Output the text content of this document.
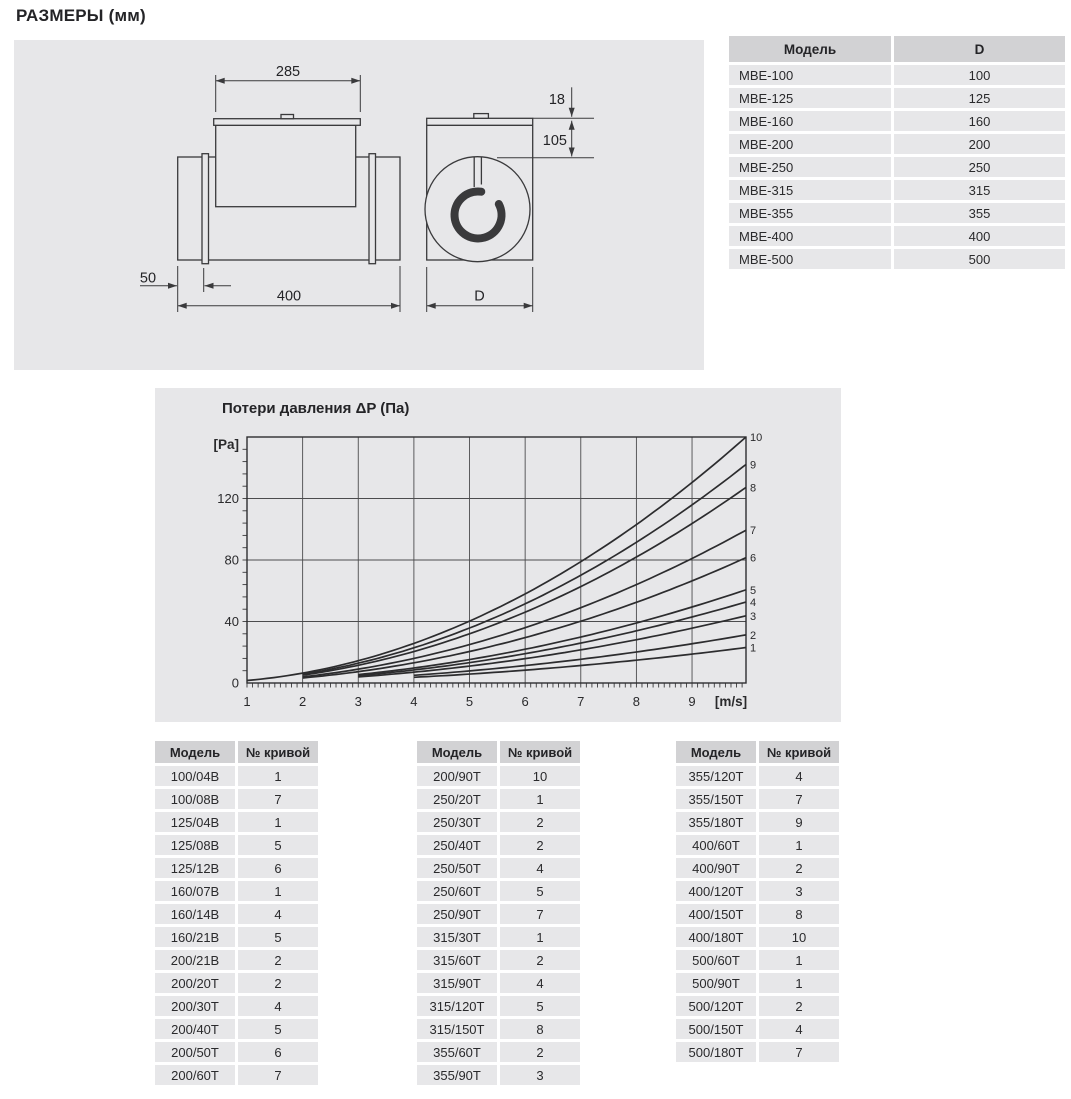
РАЗМЕРЫ (мм)
285
400
50
18
105
D
Модель	D
МВЕ-100	100
МВЕ-125	125
МВЕ-160	160
МВЕ-200	200
МВЕ-250	250
МВЕ-315	315
МВЕ-355	355
МВЕ-400	400
МВЕ-500	500
Потери давления ΔP (Па)
0
40
80
120
1	2	3	4	5	6	7	8	9
[Pa]
[m/s]
1
2
3
4
5
6
7
8
9
10
Модель	№ кривой
100/04В	1
100/08В	7
125/04В	1
125/08В	5
125/12В	6
160/07В	1
160/14В	4
160/21В	5
200/21В	2
200/20Т	2
200/30Т	4
200/40Т	5
200/50Т	6
200/60Т	7
Модель	№ кривой
200/90Т	10
250/20Т	1
250/30Т	2
250/40Т	2
250/50Т	4
250/60Т	5
250/90Т	7
315/30Т	1
315/60Т	2
315/90Т	4
315/120Т	5
315/150Т	8
355/60Т	2
355/90Т	3
Модель	№ кривой
355/120Т	4
355/150Т	7
355/180Т	9
400/60Т	1
400/90Т	2
400/120Т	3
400/150Т	8
400/180Т	10
500/60Т	1
500/90Т	1
500/120Т	2
500/150Т	4
500/180Т	7
